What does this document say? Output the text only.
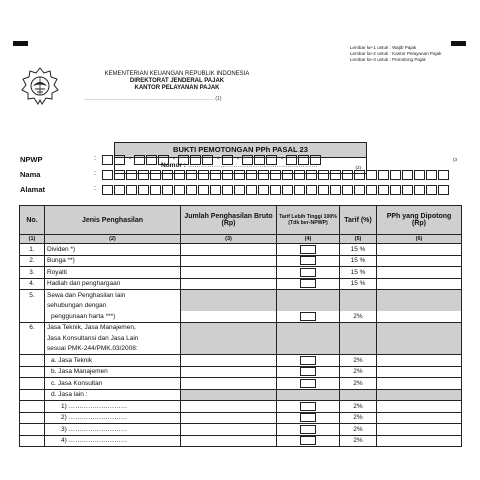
Lembar ke-1 untuk : Wajib Pajak
Lembar ke-2 untuk : Kantor Pelayanan Pajak
Lembar ke-3 untuk : Pemotong Pajak
KEMENTERIAN KEUANGAN REPUBLIK INDONESIA
DIREKTORAT JENDERAL PAJAK
KANTOR PELAYANAN PAJAK
…………………………………………………………………… (1)
BUKTI PEMOTONGAN PPh PASAL 23
Nomor : ……………………………………………………	(2)
NPWP	:	-	-	-	-	-	(3
Nama	:
Alamat	:
No.	Jenis Penghasilan	Jumlah Penghasilan Bruto (Rp)	Tarif Lebih Tinggi 100% (Tdk ber-NPWP)	Tarif (%)	PPh yang Dipotong (Rp)
(1)	(2)	(3)	(4)	(5)	(6)
1.	Dividen *)			15 %	
2.	Bunga **)			15 %	
3.	Royalti			15 %	
4.	Hadiah dan penghargaan			15 %	
5.	Sewa dan Penghasilan lain				
	sehubungan dengan				
	penggunaan harta ***)			2%	
6.	Jasa Teknik, Jasa Manajemen,				
	Jasa Konsultansi dan Jasa Lain				
	sesuai PMK-244/PMK.03/2008:				
	a. Jasa Teknik			2%	
	b. Jasa Manajemen			2%	
	c. Jasa Konsultan			2%	
	d. Jasa lain :				
	1) ………………………			2%	
	2) ………………………			2%	
	3) ………………………			2%	
	4) ………………………			2%	
